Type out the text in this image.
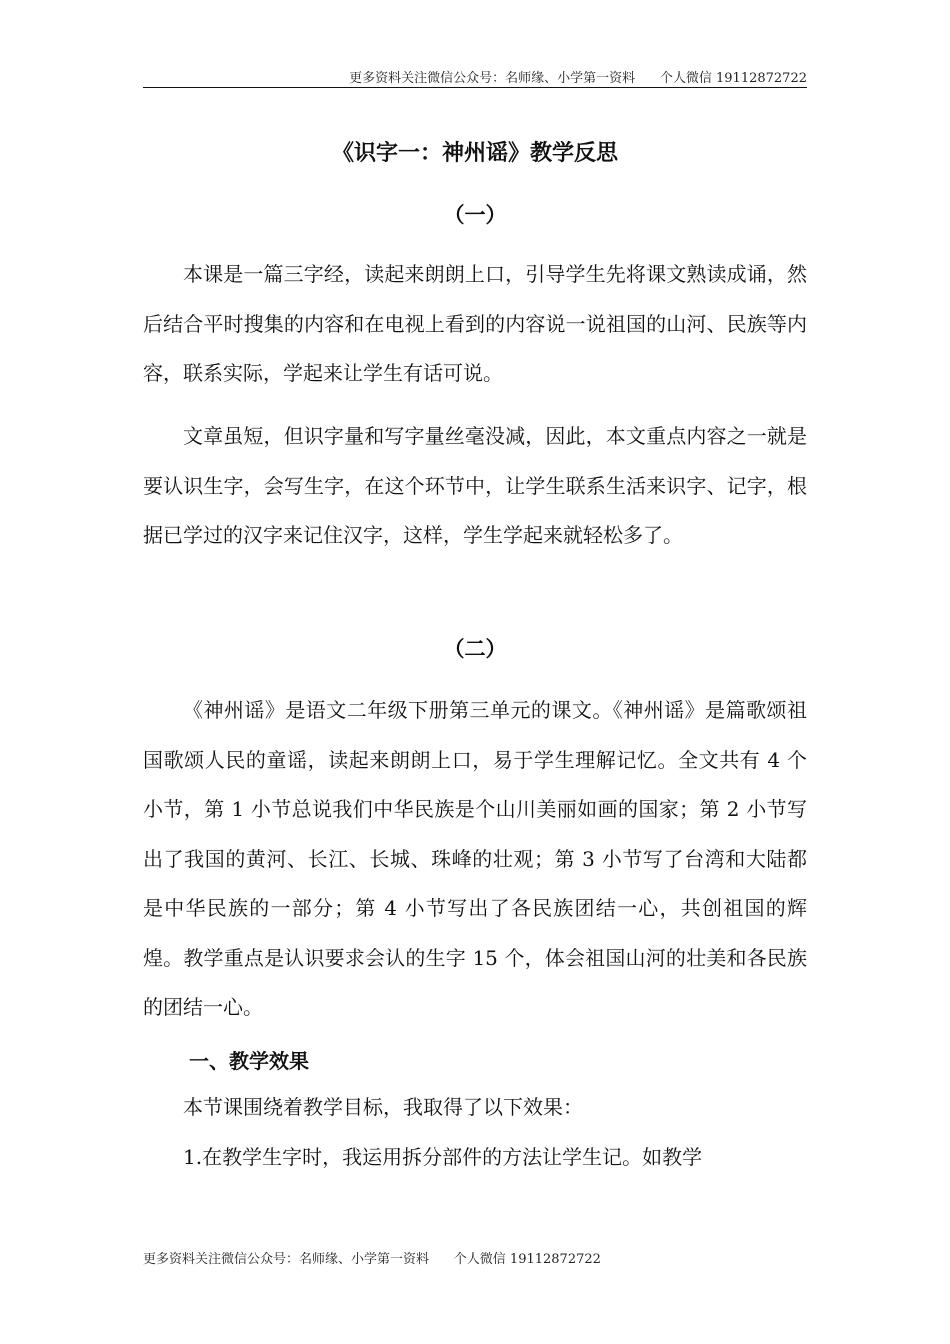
更多资料关注微信公众号：名师缘、小学第一资料      个人微信 19112872722
《识字一：神州谣》教学反思
（一）

本课是一篇三字经，读起来朗朗上口，引导学生先将课文熟读成诵，然后结合平时搜集的内容和在电视上看到的内容说一说祖国的山河、民族等内容，联系实际，学起来让学生有话可说。

文章虽短，但识字量和写字量丝毫没减，因此，本文重点内容之一就是要认识生字，会写生字，在这个环节中，让学生联系生活来识字、记字，根据已学过的汉字来记住汉字，这样，学生学起来就轻松多了。

（二）

《神州谣》是语文二年级下册第三单元的课文。《神州谣》是篇歌颂祖国歌颂人民的童谣，读起来朗朗上口，易于学生理解记忆。全文共有 4 个小节，第 1 小节总说我们中华民族是个山川美丽如画的国家；第 2 小节写出了我国的黄河、长江、长城、珠峰的壮观；第 3 小节写了台湾和大陆都是中华民族的一部分；第 4 小节写出了各民族团结一心，共创祖国的辉煌。教学重点是认识要求会认的生字 15 个，体会祖国山河的壮美和各民族的团结一心。

一、教学效果

本节课围绕着教学目标，我取得了以下效果：

1.在教学生字时，我运用拆分部件的方法让学生记。如教学

更多资料关注微信公众号：名师缘、小学第一资料      个人微信 19112872722
